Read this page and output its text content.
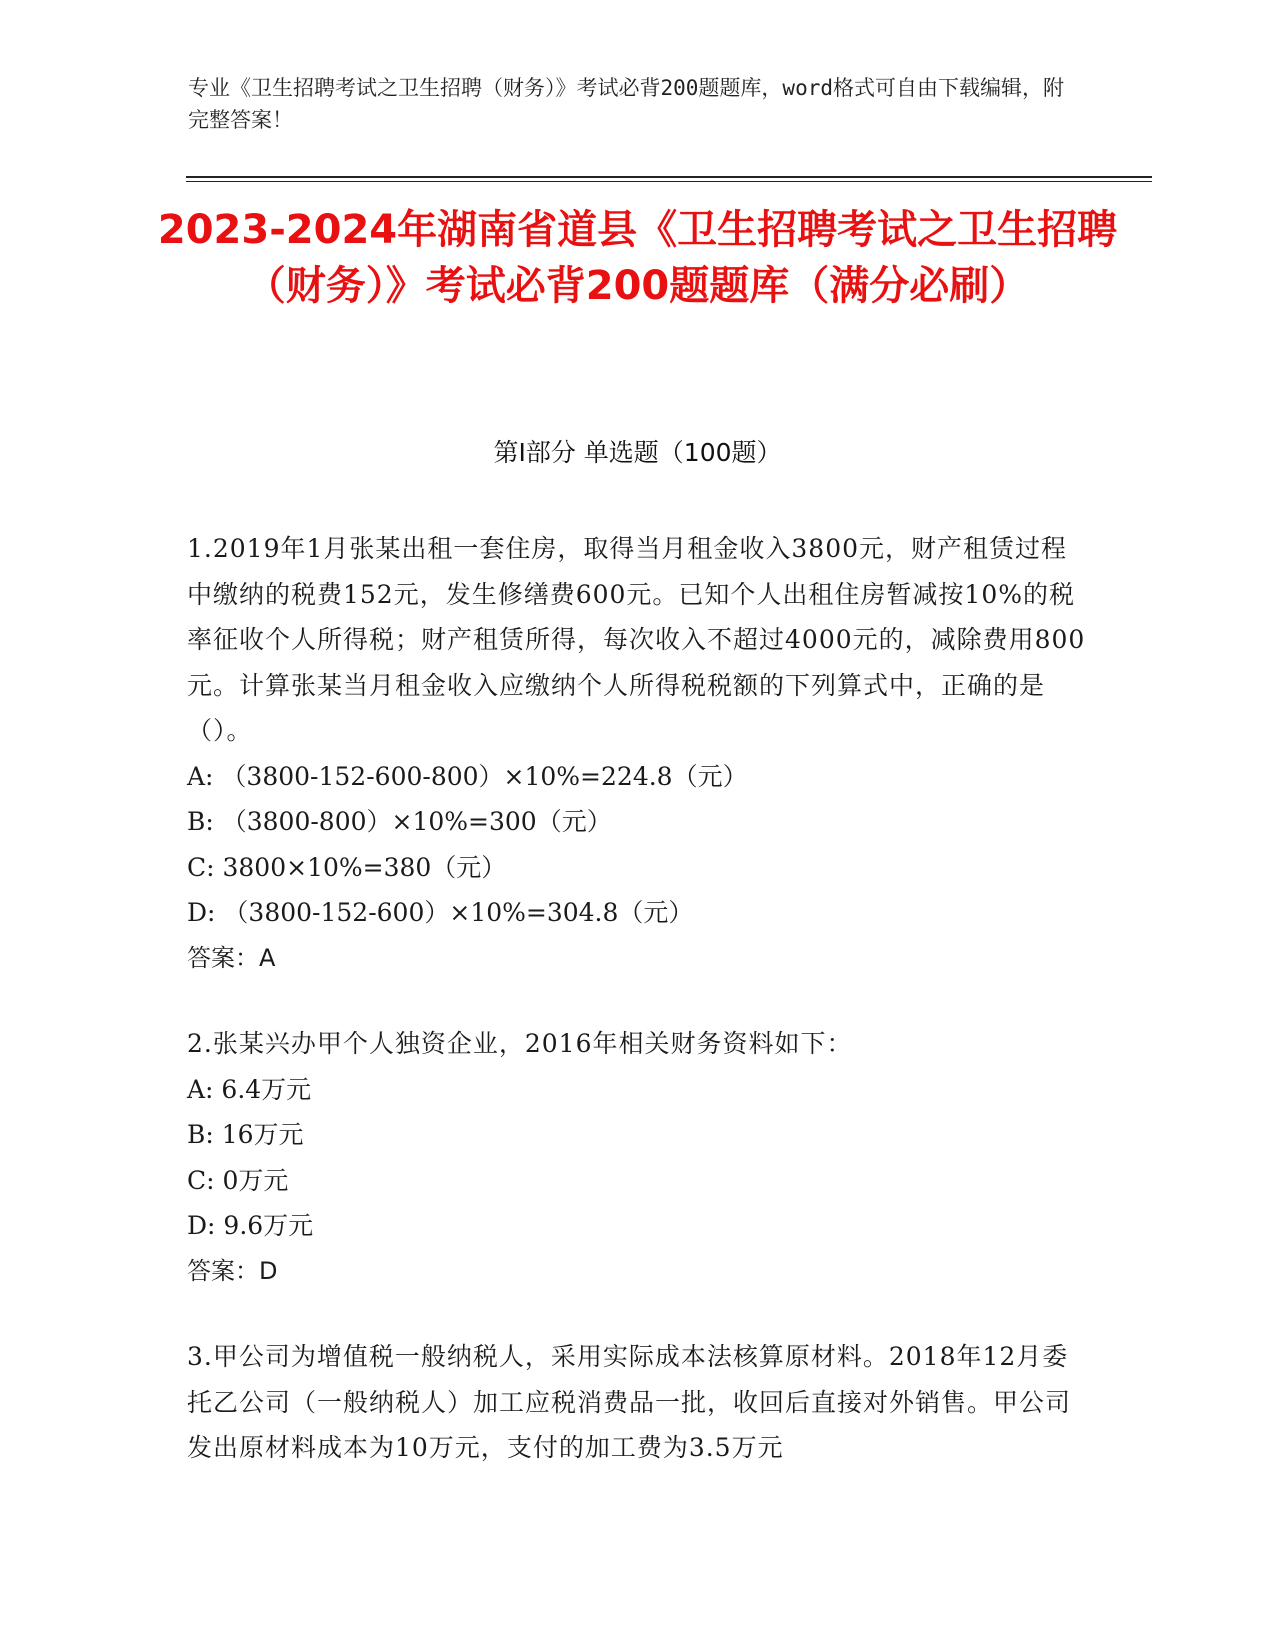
专业《卫生招聘考试之卫生招聘（财务）》考试必背200题题库，word格式可自由下载编辑，附完整答案！
2023-2024年湖南省道县《卫生招聘考试之卫生招聘（财务）》考试必背200题题库（满分必刷）
第Ⅰ部分 单选题（100题）

1.2019年1月张某出租一套住房，取得当月租金收入3800元，财产租赁过程中缴纳的税费152元，发生修缮费600元。已知个人出租住房暂减按10%的税率征收个人所得税；财产租赁所得，每次收入不超过4000元的，减除费用800元。计算张某当月租金收入应缴纳个人所得税税额的下列算式中，正确的是（）。

A: （3800-152-600-800）×10%=224.8（元）

B: （3800-800）×10%=300（元）

C: 3800×10%=380（元）

D: （3800-152-600）×10%=304.8（元）

答案：A

2.张某兴办甲个人独资企业，2016年相关财务资料如下：

A: 6.4万元

B: 16万元

C: 0万元

D: 9.6万元

答案：D

3.甲公司为增值税一般纳税人，采用实际成本法核算原材料。2018年12月委托乙公司（一般纳税人）加工应税消费品一批，收回后直接对外销售。甲公司发出原材料成本为10万元，支付的加工费为3.5万元
